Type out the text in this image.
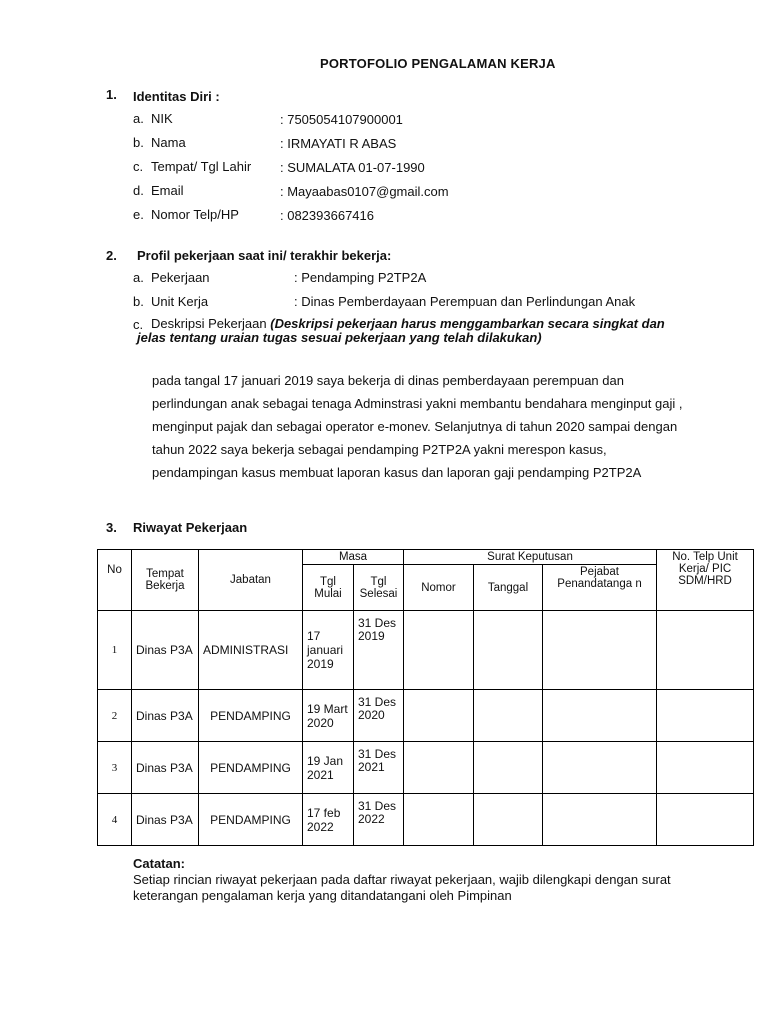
PORTOFOLIO PENGALAMAN KERJA
1. Identitas Diri :
a. NIK	: 7505054107900001
b. Nama	: IRMAYATI R ABAS
c. Tempat/ Tgl Lahir : SUMALATA 01-07-1990
d. Email	: Mayaabas0107@gmail.com
e. Nomor Telp/HP	: 082393667416
2. Profil pekerjaan saat ini/ terakhir bekerja:
a. Pekerjaan	: Pendamping P2TP2A
b. Unit Kerja	: Dinas Pemberdayaan Perempuan dan Perlindungan Anak
c. Deskripsi Pekerjaan (Deskripsi pekerjaan harus menggambarkan secara singkat dan jelas tentang uraian tugas sesuai pekerjaan yang telah dilakukan)
pada tangal 17 januari 2019 saya bekerja di dinas pemberdayaan perempuan dan perlindungan anak sebagai tenaga Adminstrasi yakni membantu bendahara menginput gaji , menginput pajak dan sebagai operator e-monev. Selanjutnya di tahun 2020 sampai dengan tahun 2022 saya bekerja sebagai pendamping P2TP2A yakni merespon kasus, pendampingan kasus membuat laporan kasus dan laporan gaji pendamping P2TP2A
3. Riwayat Pekerjaan
No	Tempat Bekerja	Jabatan	Masa		Surat Keputusan			No. Telp Unit Kerja/ PIC SDM/HRD
			Tgl Mulai	Tgl Selesai	Nomor	Tanggal	Pejabat Penandatanga n	
1	Dinas P3A	ADMINISTRASI	17 januari 2019	31 Des 2019				
2	Dinas P3A	PENDAMPING	19 Mart 2020	31 Des 2020				
3	Dinas P3A	PENDAMPING	19 Jan 2021	31 Des 2021				
4	Dinas P3A	PENDAMPING	17 feb 2022	31 Des 2022				
Catatan:
Setiap rincian riwayat pekerjaan pada daftar riwayat pekerjaan, wajib dilengkapi dengan surat keterangan pengalaman kerja yang ditandatangani oleh Pimpinan
